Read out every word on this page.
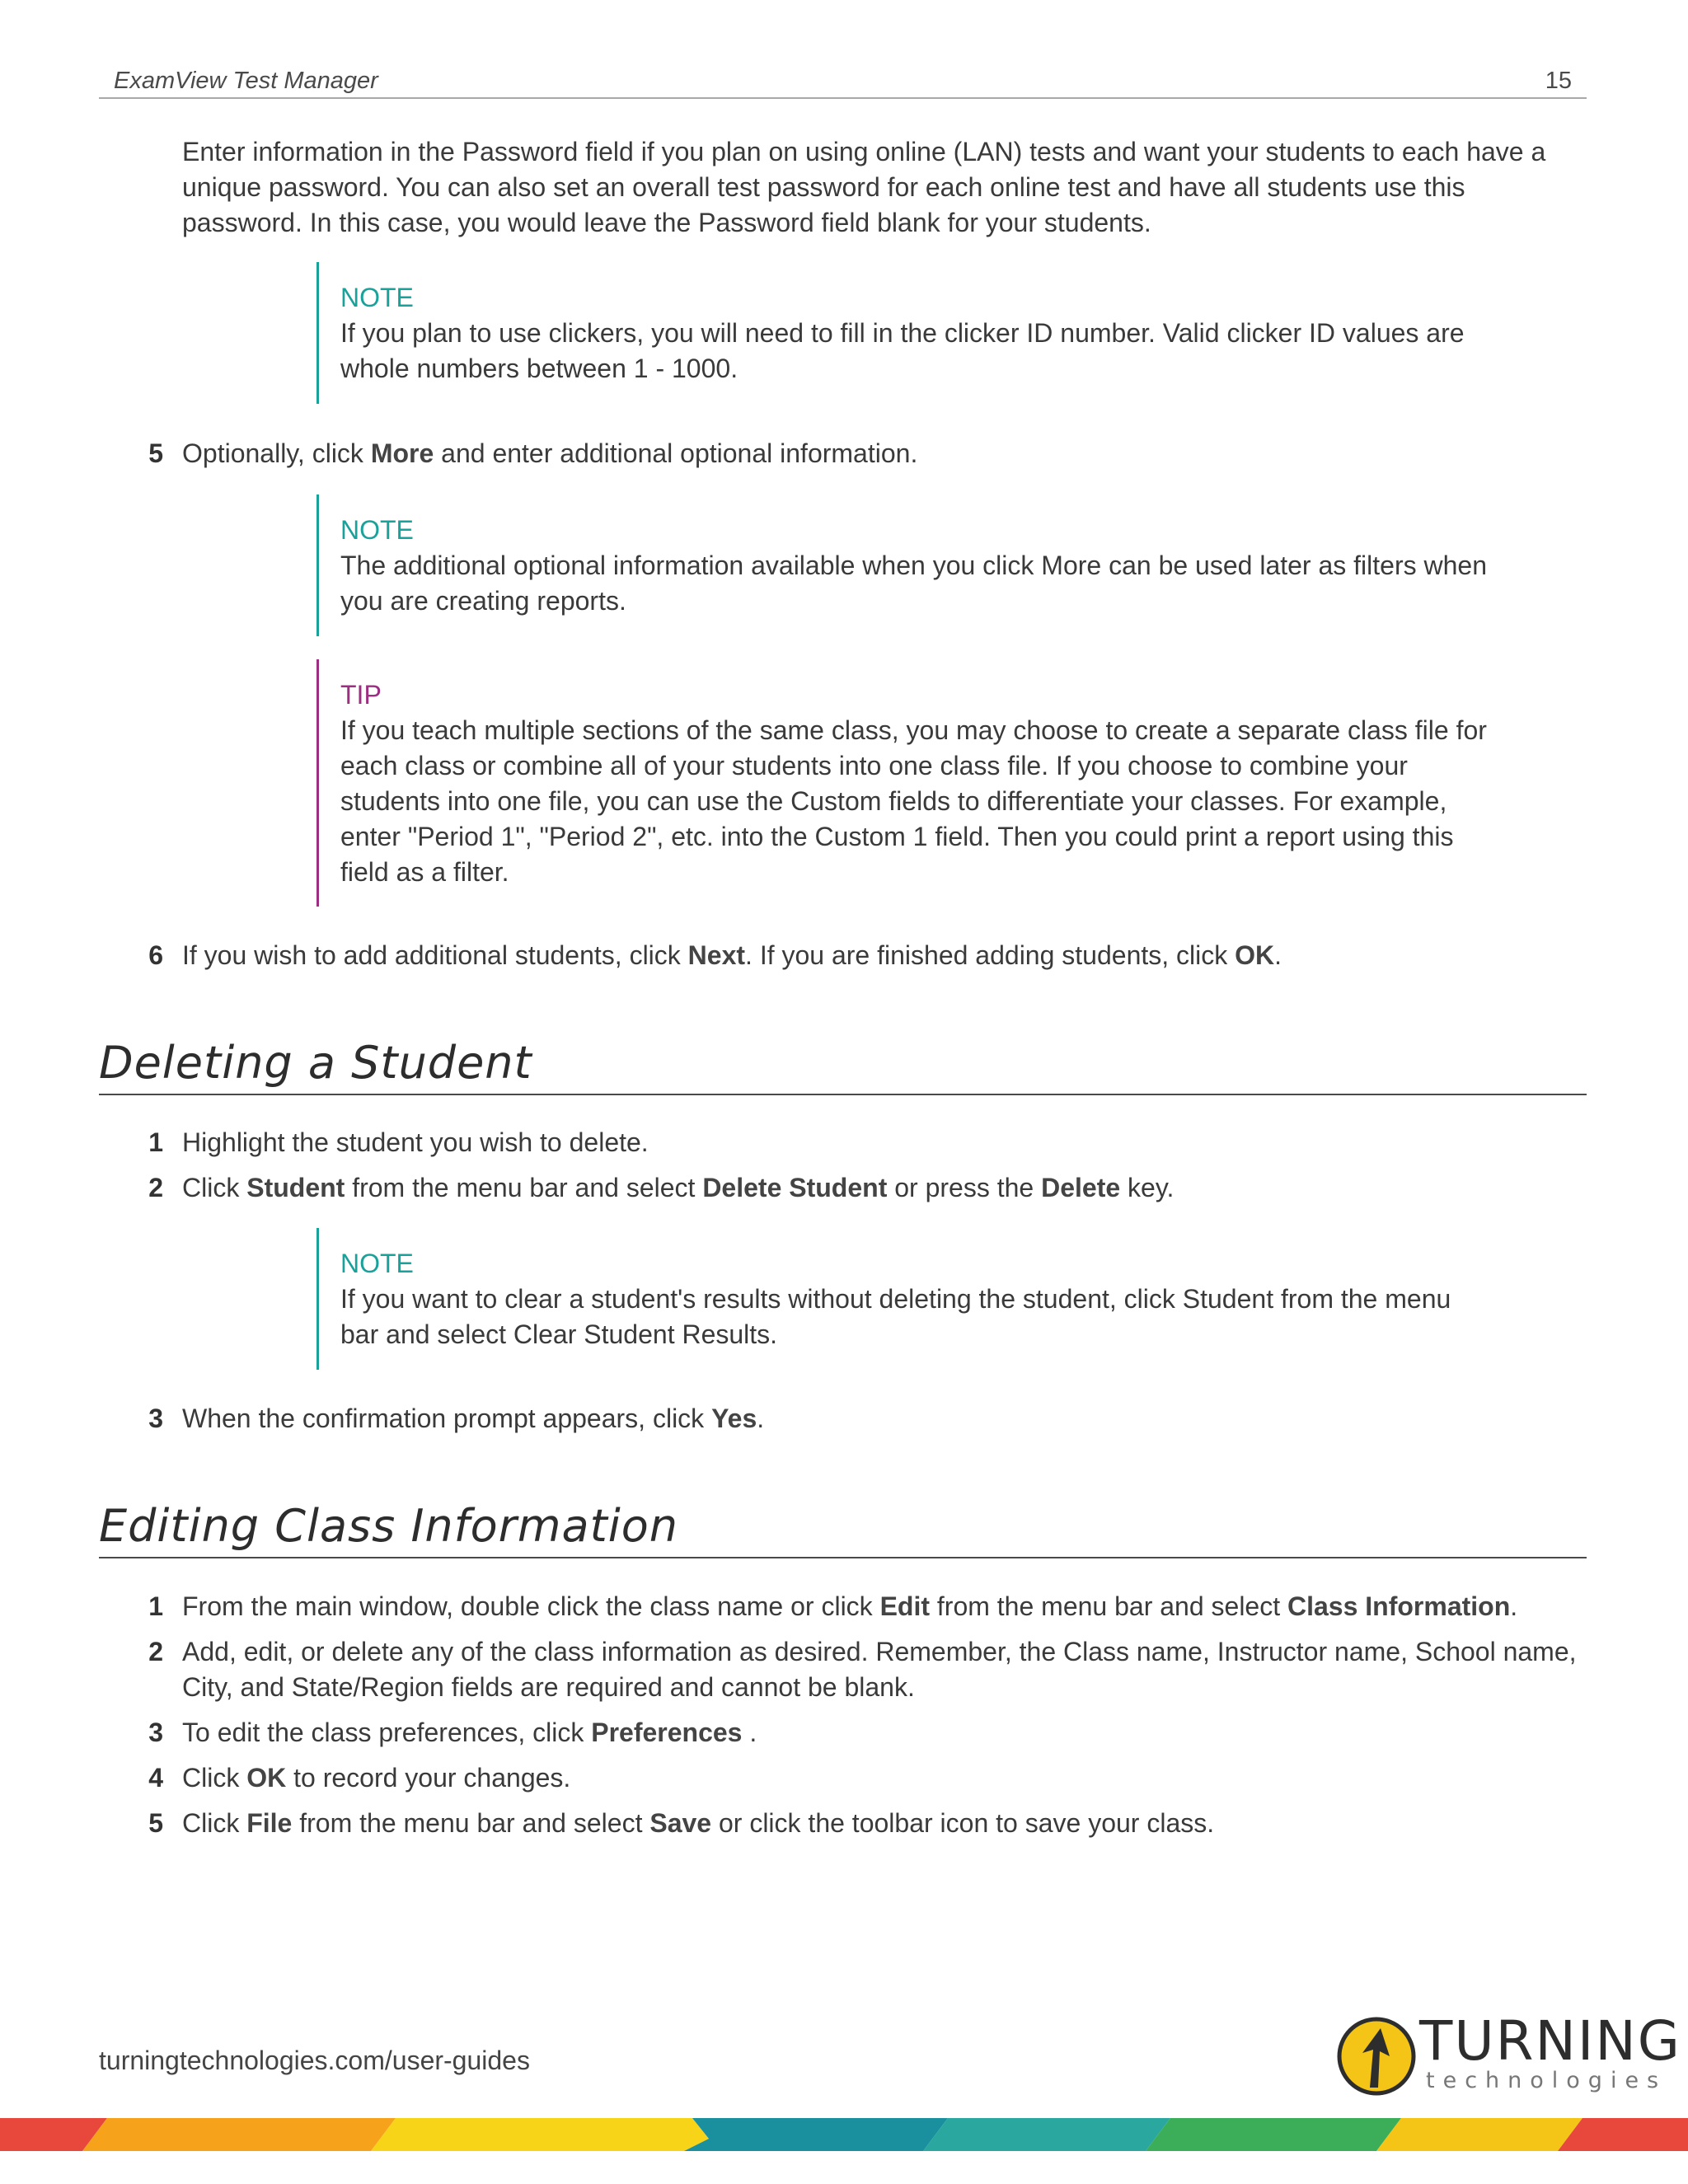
ExamView Test Manager	15
Enter information in the Password field if you plan on using online (LAN) tests and want your students to each have a unique password. You can also set an overall test password for each online test and have all students use this password. In this case, you would leave the Password field blank for your students.
NOTE
If you plan to use clickers, you will need to fill in the clicker ID number. Valid clicker ID values are whole numbers between 1 - 1000.
5 Optionally, click More and enter additional optional information.
NOTE
The additional optional information available when you click More can be used later as filters when you are creating reports.
TIP
If you teach multiple sections of the same class, you may choose to create a separate class file for each class or combine all of your students into one class file. If you choose to combine your students into one file, you can use the Custom fields to differentiate your classes. For example, enter "Period 1", "Period 2", etc. into the Custom 1 field. Then you could print a report using this field as a filter.
6 If you wish to add additional students, click Next. If you are finished adding students, click OK.
Deleting a Student
1 Highlight the student you wish to delete.
2 Click Student from the menu bar and select Delete Student or press the Delete key.
NOTE
If you want to clear a student's results without deleting the student, click Student from the menu bar and select Clear Student Results.
3 When the confirmation prompt appears, click Yes.
Editing Class Information
1 From the main window, double click the class name or click Edit from the menu bar and select Class Information.
2 Add, edit, or delete any of the class information as desired. Remember, the Class name, Instructor name, School name, City, and State/Region fields are required and cannot be blank.
3 To edit the class preferences, click Preferences .
4 Click OK to record your changes.
5 Click File from the menu bar and select Save or click the toolbar icon to save your class.
turningtechnologies.com/user-guides	TURNING
technologies
